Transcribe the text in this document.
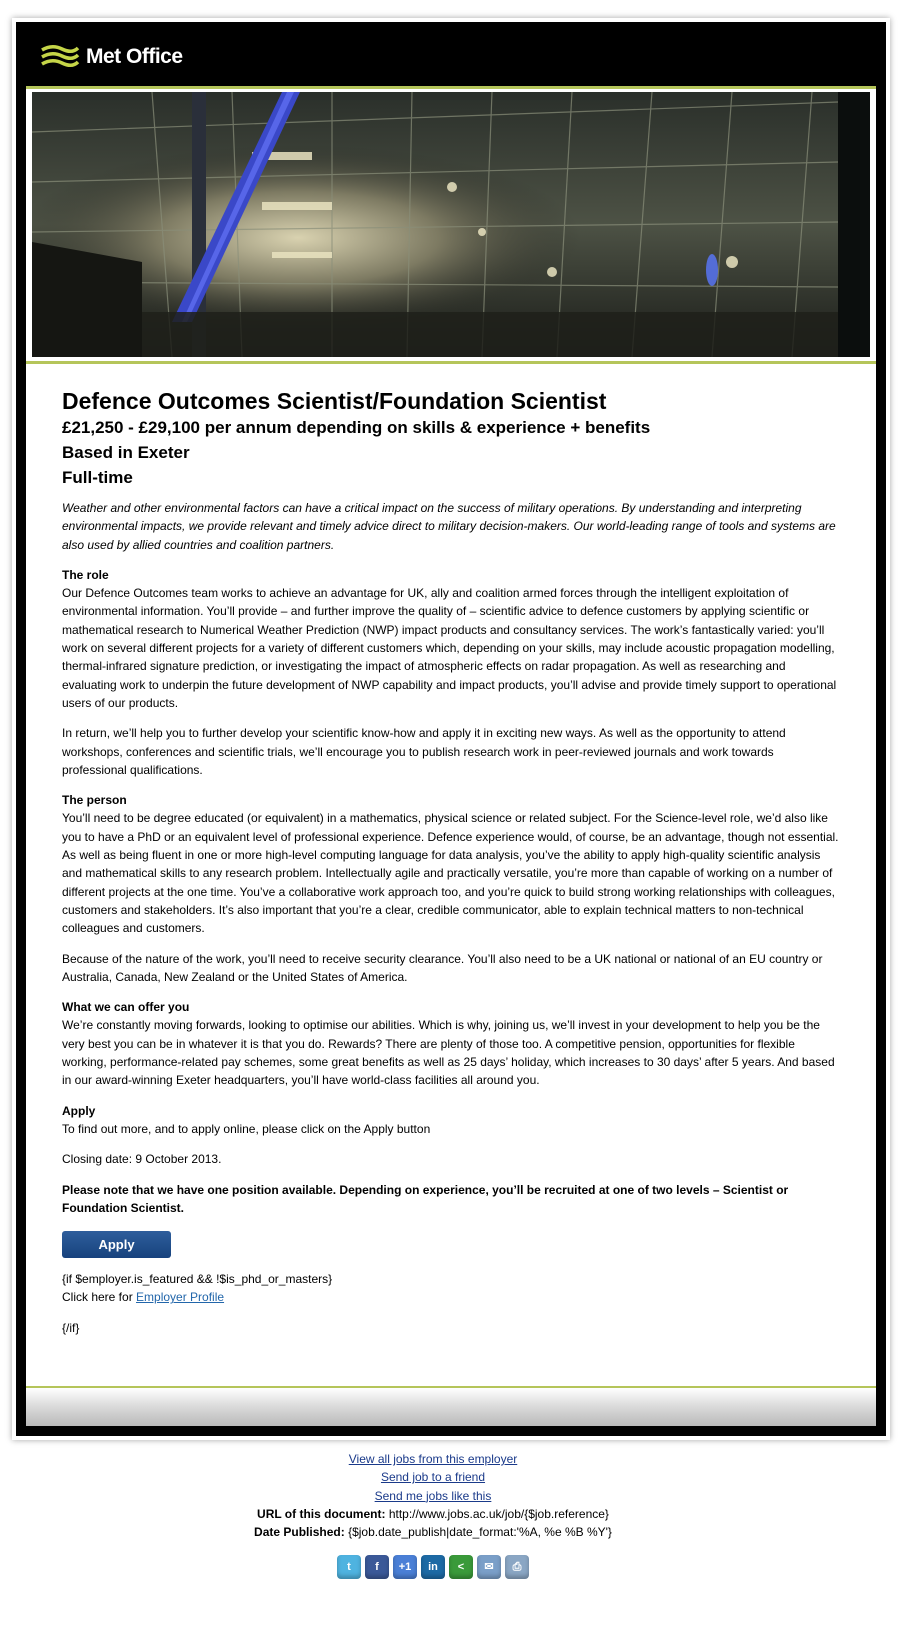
Met Office
Defence Outcomes Scientist/Foundation Scientist
£21,250 - £29,100 per annum depending on skills & experience + benefits
Based in Exeter
Full-time

Weather and other environmental factors can have a critical impact on the success of military operations. By understanding and interpreting environmental impacts, we provide relevant and timely advice direct to military decision-makers. Our world-leading range of tools and systems are also used by allied countries and coalition partners.

The role

Our Defence Outcomes team works to achieve an advantage for UK, ally and coalition armed forces through the intelligent exploitation of environmental information. You’ll provide – and further improve the quality of – scientific advice to defence customers by applying scientific or mathematical research to Numerical Weather Prediction (NWP) impact products and consultancy services. The work’s fantastically varied: you’ll work on several different projects for a variety of different customers which, depending on your skills, may include acoustic propagation modelling, thermal-infrared signature prediction, or investigating the impact of atmospheric effects on radar propagation. As well as researching and evaluating work to underpin the future development of NWP capability and impact products, you’ll advise and provide timely support to operational users of our products.

In return, we’ll help you to further develop your scientific know-how and apply it in exciting new ways. As well as the opportunity to attend workshops, conferences and scientific trials, we’ll encourage you to publish research work in peer-reviewed journals and work towards professional qualifications.

The person

You’ll need to be degree educated (or equivalent) in a mathematics, physical science or related subject. For the Science-level role, we’d also like you to have a PhD or an equivalent level of professional experience. Defence experience would, of course, be an advantage, though not essential. As well as being fluent in one or more high-level computing language for data analysis, you’ve the ability to apply high-quality scientific analysis and mathematical skills to any research problem. Intellectually agile and practically versatile, you’re more than capable of working on a number of different projects at the one time. You’ve a collaborative work approach too, and you’re quick to build strong working relationships with colleagues, customers and stakeholders. It’s also important that you’re a clear, credible communicator, able to explain technical matters to non-technical colleagues and customers.

Because of the nature of the work, you’ll need to receive security clearance. You’ll also need to be a UK national or national of an EU country or Australia, Canada, New Zealand or the United States of America.

What we can offer you

We’re constantly moving forwards, looking to optimise our abilities. Which is why, joining us, we’ll invest in your development to help you be the very best you can be in whatever it is that you do. Rewards? There are plenty of those too. A competitive pension, opportunities for flexible working, performance-related pay schemes, some great benefits as well as 25 days’ holiday, which increases to 30 days’ after 5 years. And based in our award-winning Exeter headquarters, you’ll have world-class facilities all around you.

Apply

To find out more, and to apply online, please click on the Apply button

Closing date: 9 October 2013.

Please note that we have one position available. Depending on experience, you’ll be recruited at one of two levels – Scientist or Foundation Scientist.

Apply

{if $employer.is_featured && !$is_phd_or_masters}

Click here for Employer Profile

{/if}

View all jobs from this employer
Send job to a friend
Send me jobs like this
URL of this document: http://www.jobs.ac.uk/job/{$job.reference}
Date Published: {$job.date_publish|date_format:'%A, %e %B %Y'}
t	f	+1	in	<	✉	⎙
